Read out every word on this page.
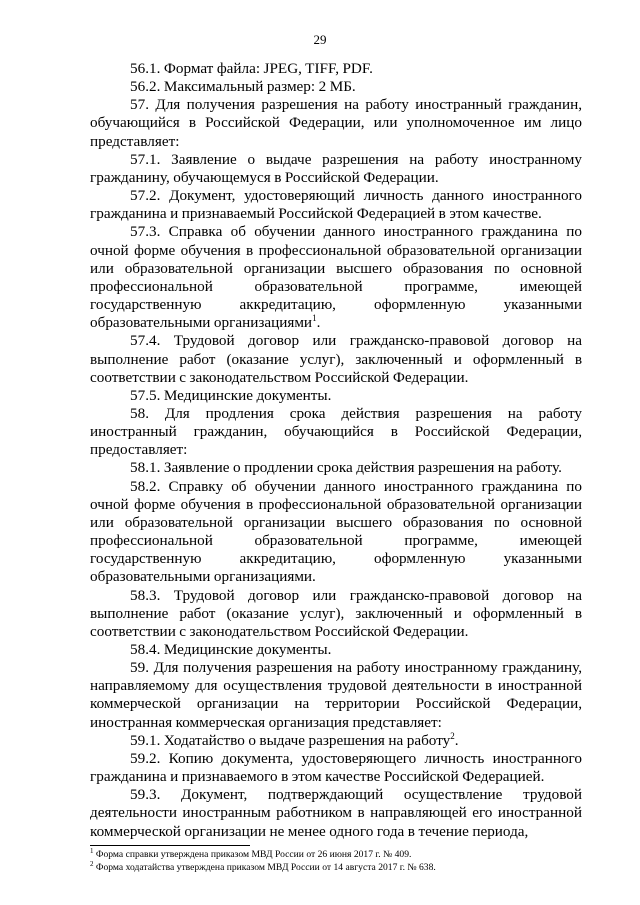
29

56.1. Формат файла: JPEG, TIFF, PDF.

56.2. Максимальный размер: 2 МБ.

57. Для получения разрешения на работу иностранный гражданин, обучающийся в Российской Федерации, или уполномоченное им лицо представляет:

57.1. Заявление о выдаче разрешения на работу иностранному гражданину, обучающемуся в Российской Федерации.

57.2. Документ, удостоверяющий личность данного иностранного гражданина и признаваемый Российской Федерацией в этом качестве.

57.3. Справка об обучении данного иностранного гражданина по очной форме обучения в профессиональной образовательной организации или образовательной организации высшего образования по основной профессиональной образовательной программе, имеющей государственную аккредитацию, оформленную указанными образовательными организациями$^1$.

57.4. Трудовой договор или гражданско-правовой договор на выполнение работ (оказание услуг), заключенный и оформленный в соответствии с законодательством Российской Федерации.

57.5. Медицинские документы.

58. Для продления срока действия разрешения на работу иностранный гражданин, обучающийся в Российской Федерации, предоставляет:

58.1. Заявление о продлении срока действия разрешения на работу.

58.2. Справку об обучении данного иностранного гражданина по очной форме обучения в профессиональной образовательной организации или образовательной организации высшего образования по основной профессиональной образовательной программе, имеющей государственную аккредитацию, оформленную указанными образовательными организациями.

58.3. Трудовой договор или гражданско-правовой договор на выполнение работ (оказание услуг), заключенный и оформленный в соответствии с законодательством Российской Федерации.

58.4. Медицинские документы.

59. Для получения разрешения на работу иностранному гражданину, направляемому для осуществления трудовой деятельности в иностранной коммерческой организации на территории Российской Федерации, иностранная коммерческая организация представляет:

59.1. Ходатайство о выдаче разрешения на работу$^2$.

59.2. Копию документа, удостоверяющего личность иностранного гражданина и признаваемого в этом качестве Российской Федерацией.

59.3. Документ, подтверждающий осуществление трудовой деятельности иностранным работником в направляющей его иностранной коммерческой организации не менее одного года в течение периода,

$^1$ Форма справки утверждена приказом МВД России от 26 июня 2017 г. № 409.

$^2$ Форма ходатайства утверждена приказом МВД России от 14 августа 2017 г. № 638.
